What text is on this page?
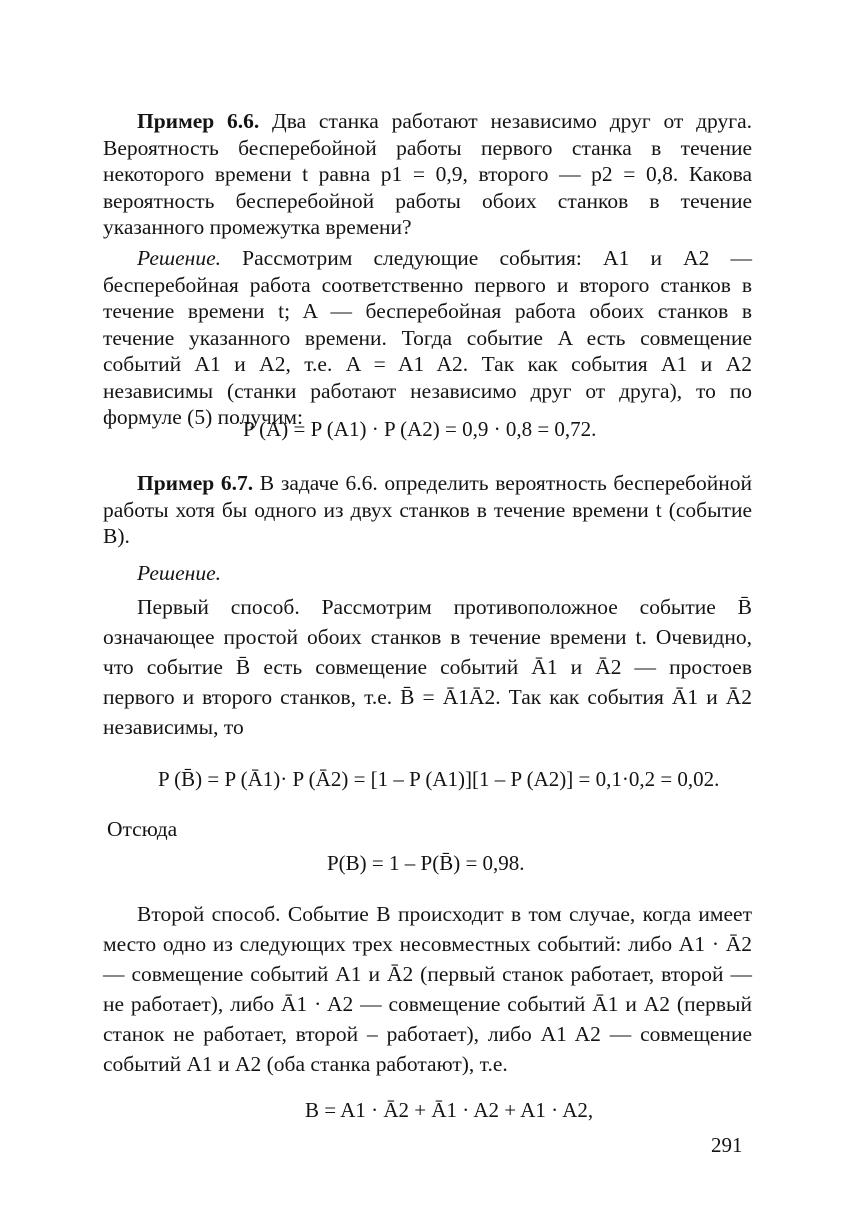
Пример 6.6. Два станка работают независимо друг от друга. Вероятность бесперебойной работы первого станка в течение некоторого времени t равна p1 = 0,9, второго — p2 = 0,8. Какова вероятность бесперебойной работы обоих станков в течение указанного промежутка времени?

Решение. Рассмотрим следующие события: A1 и A2 — бесперебойная работа соответственно первого и второго станков в течение времени t; A — бесперебойная работа обоих станков в течение указанного времени. Тогда событие A есть совмещение событий A1 и A2, т.е. A = A1 A2. Так как события A1 и A2 независимы (станки работают независимо друг от друга), то по формуле (5) получим:

P (A) = P (A1) · P (A2) = 0,9 · 0,8 = 0,72.

Пример 6.7. В задаче 6.6. определить вероятность бесперебойной работы хотя бы одного из двух станков в течение времени t (событие B).

Решение.

Первый способ. Рассмотрим противоположное событие B̄ означающее простой обоих станков в течение времени t. Очевидно, что событие B̄ есть совмещение событий Ā1 и Ā2 — простоев первого и второго станков, т.е. B̄ = Ā1Ā2. Так как события Ā1 и Ā2 независимы, то

P (B̄) = P (Ā1)· P (Ā2) = [1 – P (A1)][1 – P (A2)] = 0,1·0,2 = 0,02.

Отсюда

P(B) = 1 – P(B̄) = 0,98.

Второй способ. Событие B происходит в том случае, когда имеет место одно из следующих трех несовместных событий: либо A1 · Ā2 — совмещение событий A1 и Ā2 (первый станок работает, второй — не работает), либо Ā1 · A2 — совмещение событий Ā1 и A2 (первый станок не работает, второй – работает), либо A1 A2 — совмещение событий A1 и A2 (оба станка работают), т.е.

B = A1 · Ā2 + Ā1 · A2 + A1 · A2,

291
